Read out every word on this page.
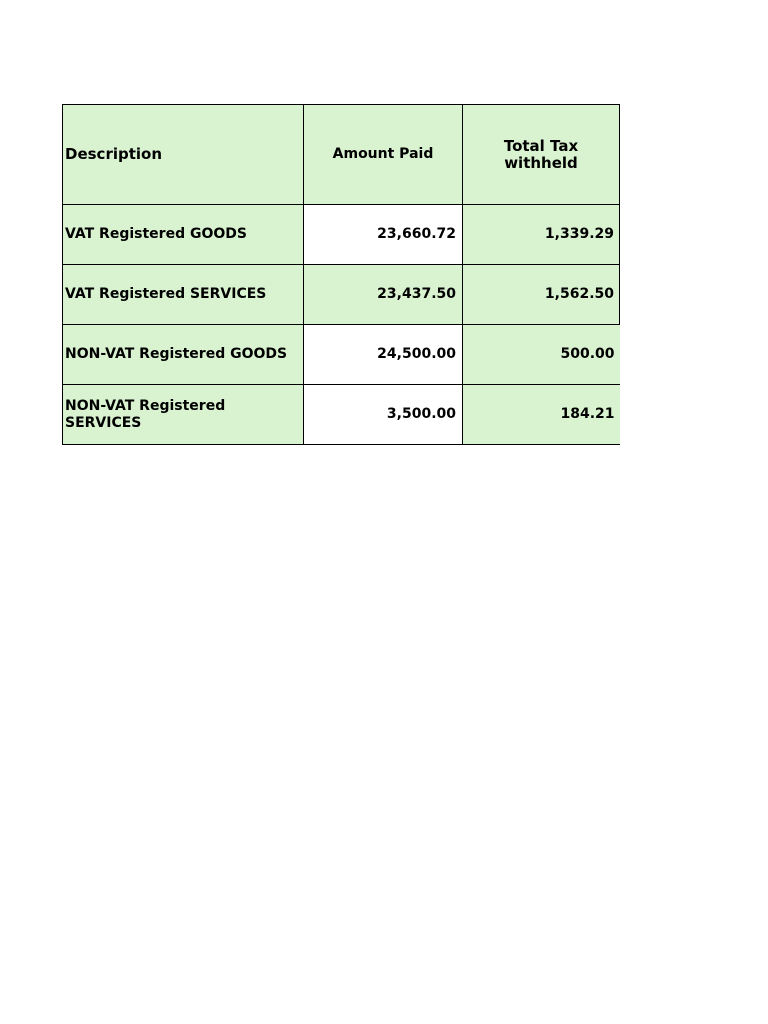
Description	Amount Paid	Total Tax withheld
VAT Registered GOODS	23,660.72	1,339.29
VAT Registered SERVICES	23,437.50	1,562.50
NON-VAT Registered GOODS	24,500.00	500.00
NON-VAT Registered SERVICES	3,500.00	184.21
